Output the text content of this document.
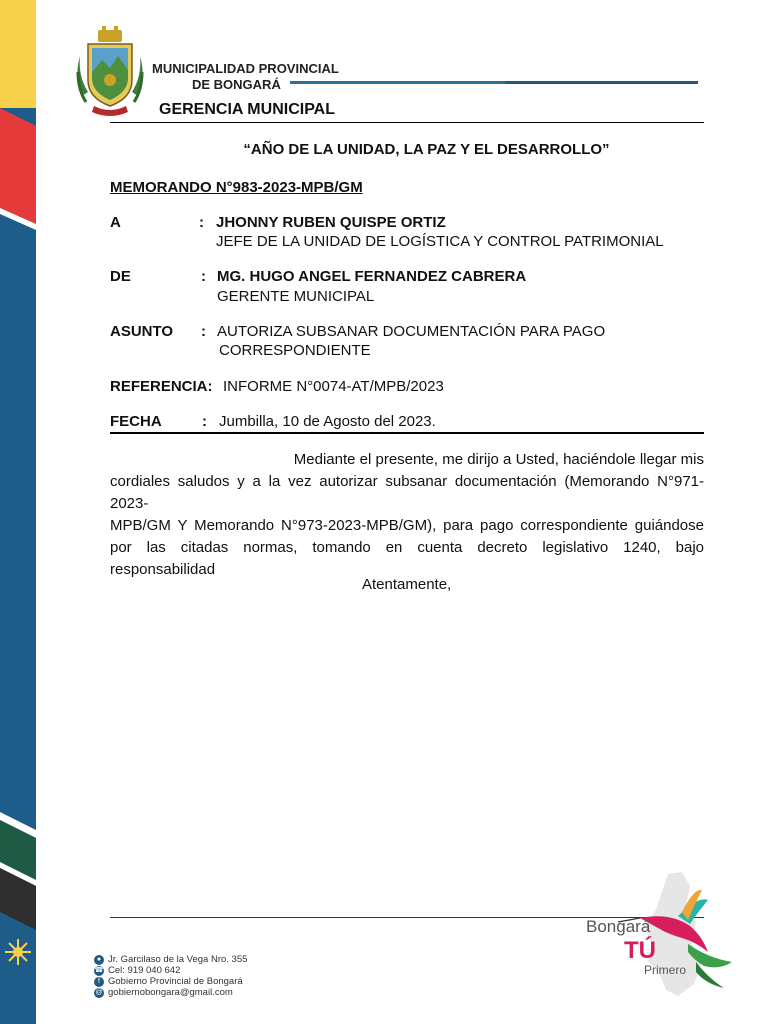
MUNICIPALIDAD PROVINCIAL
DE BONGARÁ
GERENCIA MUNICIPAL
“AÑO DE LA UNIDAD, LA PAZ Y EL DESARROLLO”
MEMORANDO N°983-2023-MPB/GM
A	: JHONNY RUBEN QUISPE ORTIZ
JEFE DE LA UNIDAD DE LOGÍSTICA Y CONTROL PATRIMONIAL
DE	: MG. HUGO ANGEL FERNANDEZ CABRERA
GERENTE MUNICIPAL
ASUNTO : AUTORIZA SUBSANAR DOCUMENTACIÓN PARA PAGO
CORRESPONDIENTE
REFERENCIA: INFORME N°0074-AT/MPB/2023
FECHA	: Jumbilla, 10 de Agosto del 2023.
Mediante el presente, me dirijo a Usted, haciéndole llegar mis
cordiales saludos y a la vez autorizar subsanar documentación (Memorando N°971-2023-
MPB/GM Y Memorando N°973-2023-MPB/GM), para pago correspondiente guiándose
por las citadas normas, tomando en cuenta decreto legislativo 1240, bajo responsabilidad
Atentamente,
● Jr. Garcilaso de la Vega Nro. 355
☎ Cel: 919 040 642
f Gobierno Provincial de Bongará
@ gobiernobongara@gmail.com
Bongará
TÚ
Primero
